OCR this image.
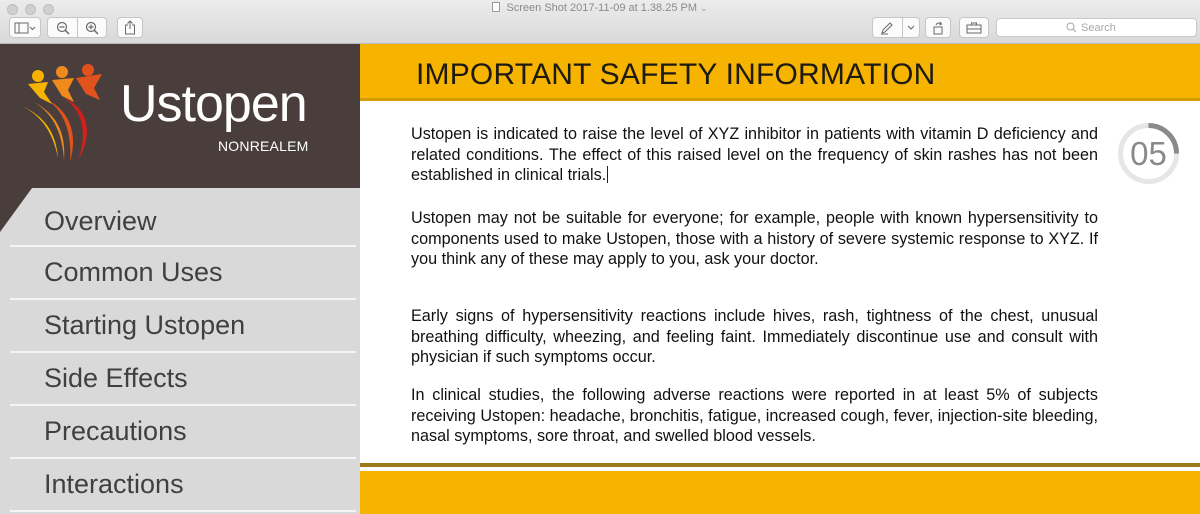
Screen Shot 2017-11-09 at 1.38.25 PM ⌄
Search
Ustopen
NONREALEM
Overview
Common Uses
Starting Ustopen
Side Effects
Precautions
Interactions
IMPORTANT SAFETY INFORMATION

Ustopen is indicated to raise the level of XYZ inhibitor in patients with vitamin D deficiency and related conditions. The effect of this raised level on the frequency of skin rashes has not been established in clinical trials.

Ustopen may not be suitable for everyone; for example, people with known hypersensitivity to components used to make Ustopen, those with a history of severe systemic response to XYZ. If you think any of these may apply to you, ask your doctor.

Early signs of hypersensitivity reactions include hives, rash, tightness of the chest, unusual breathing difficulty, wheezing, and feeling faint. Immediately discontinue use and consult with physician if such symptoms occur.

In clinical studies, the following adverse reactions were reported in at least 5% of subjects receiving Ustopen: headache, bronchitis, fatigue, increased cough, fever, injection-site bleeding, nasal symptoms, sore throat, and swelled blood vessels.

05
